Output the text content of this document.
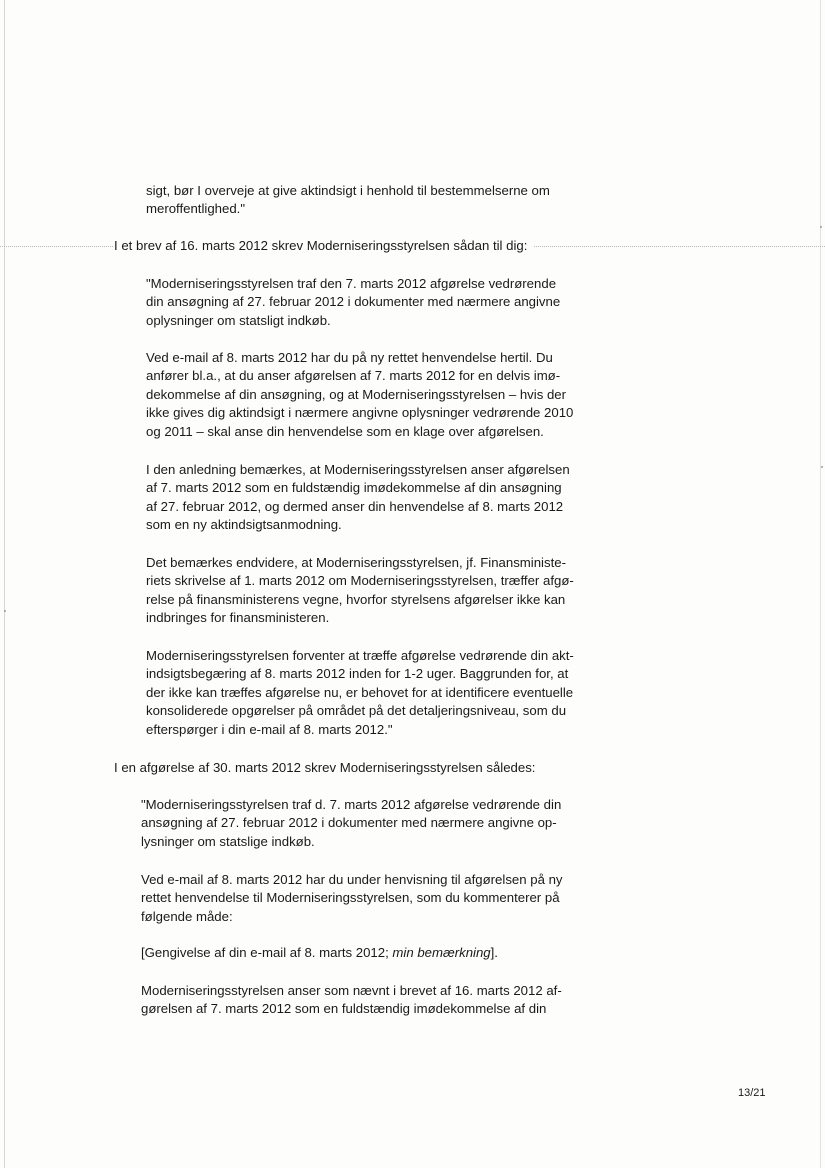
sigt, bør I overveje at give aktindsigt i henhold til bestemmelserne om
meroffentlighed."
I et brev af 16. marts 2012 skrev Moderniseringsstyrelsen sådan til dig:
"Moderniseringsstyrelsen traf den 7. marts 2012 afgørelse vedrørende
din ansøgning af 27. februar 2012 i dokumenter med nærmere angivne
oplysninger om statsligt indkøb.
Ved e-mail af 8. marts 2012 har du på ny rettet henvendelse hertil. Du
anfører bl.a., at du anser afgørelsen af 7. marts 2012 for en delvis imø-
dekommelse af din ansøgning, og at Moderniseringsstyrelsen – hvis der
ikke gives dig aktindsigt i nærmere angivne oplysninger vedrørende 2010
og 2011 – skal anse din henvendelse som en klage over afgørelsen.
I den anledning bemærkes, at Moderniseringsstyrelsen anser afgørelsen
af 7. marts 2012 som en fuldstændig imødekommelse af din ansøgning
af 27. februar 2012, og dermed anser din henvendelse af 8. marts 2012
som en ny aktindsigtsanmodning.
Det bemærkes endvidere, at Moderniseringsstyrelsen, jf. Finansministe-
riets skrivelse af 1. marts 2012 om Moderniseringsstyrelsen, træffer afgø-
relse på finansministerens vegne, hvorfor styrelsens afgørelser ikke kan
indbringes for finansministeren.
Moderniseringsstyrelsen forventer at træffe afgørelse vedrørende din akt-
indsigtsbegæring af 8. marts 2012 inden for 1-2 uger. Baggrunden for, at
der ikke kan træffes afgørelse nu, er behovet for at identificere eventuelle
konsoliderede opgørelser på området på det detaljeringsniveau, som du
efterspørger i din e-mail af 8. marts 2012."
I en afgørelse af 30. marts 2012 skrev Moderniseringsstyrelsen således:
"Moderniseringsstyrelsen traf d. 7. marts 2012 afgørelse vedrørende din
ansøgning af 27. februar 2012 i dokumenter med nærmere angivne op-
lysninger om statslige indkøb.
Ved e-mail af 8. marts 2012 har du under henvisning til afgørelsen på ny
rettet henvendelse til Moderniseringsstyrelsen, som du kommenterer på
følgende måde:
[Gengivelse af din e-mail af 8. marts 2012; min bemærkning].
Moderniseringsstyrelsen anser som nævnt i brevet af 16. marts 2012 af-
gørelsen af 7. marts 2012 som en fuldstændig imødekommelse af din
13/21
